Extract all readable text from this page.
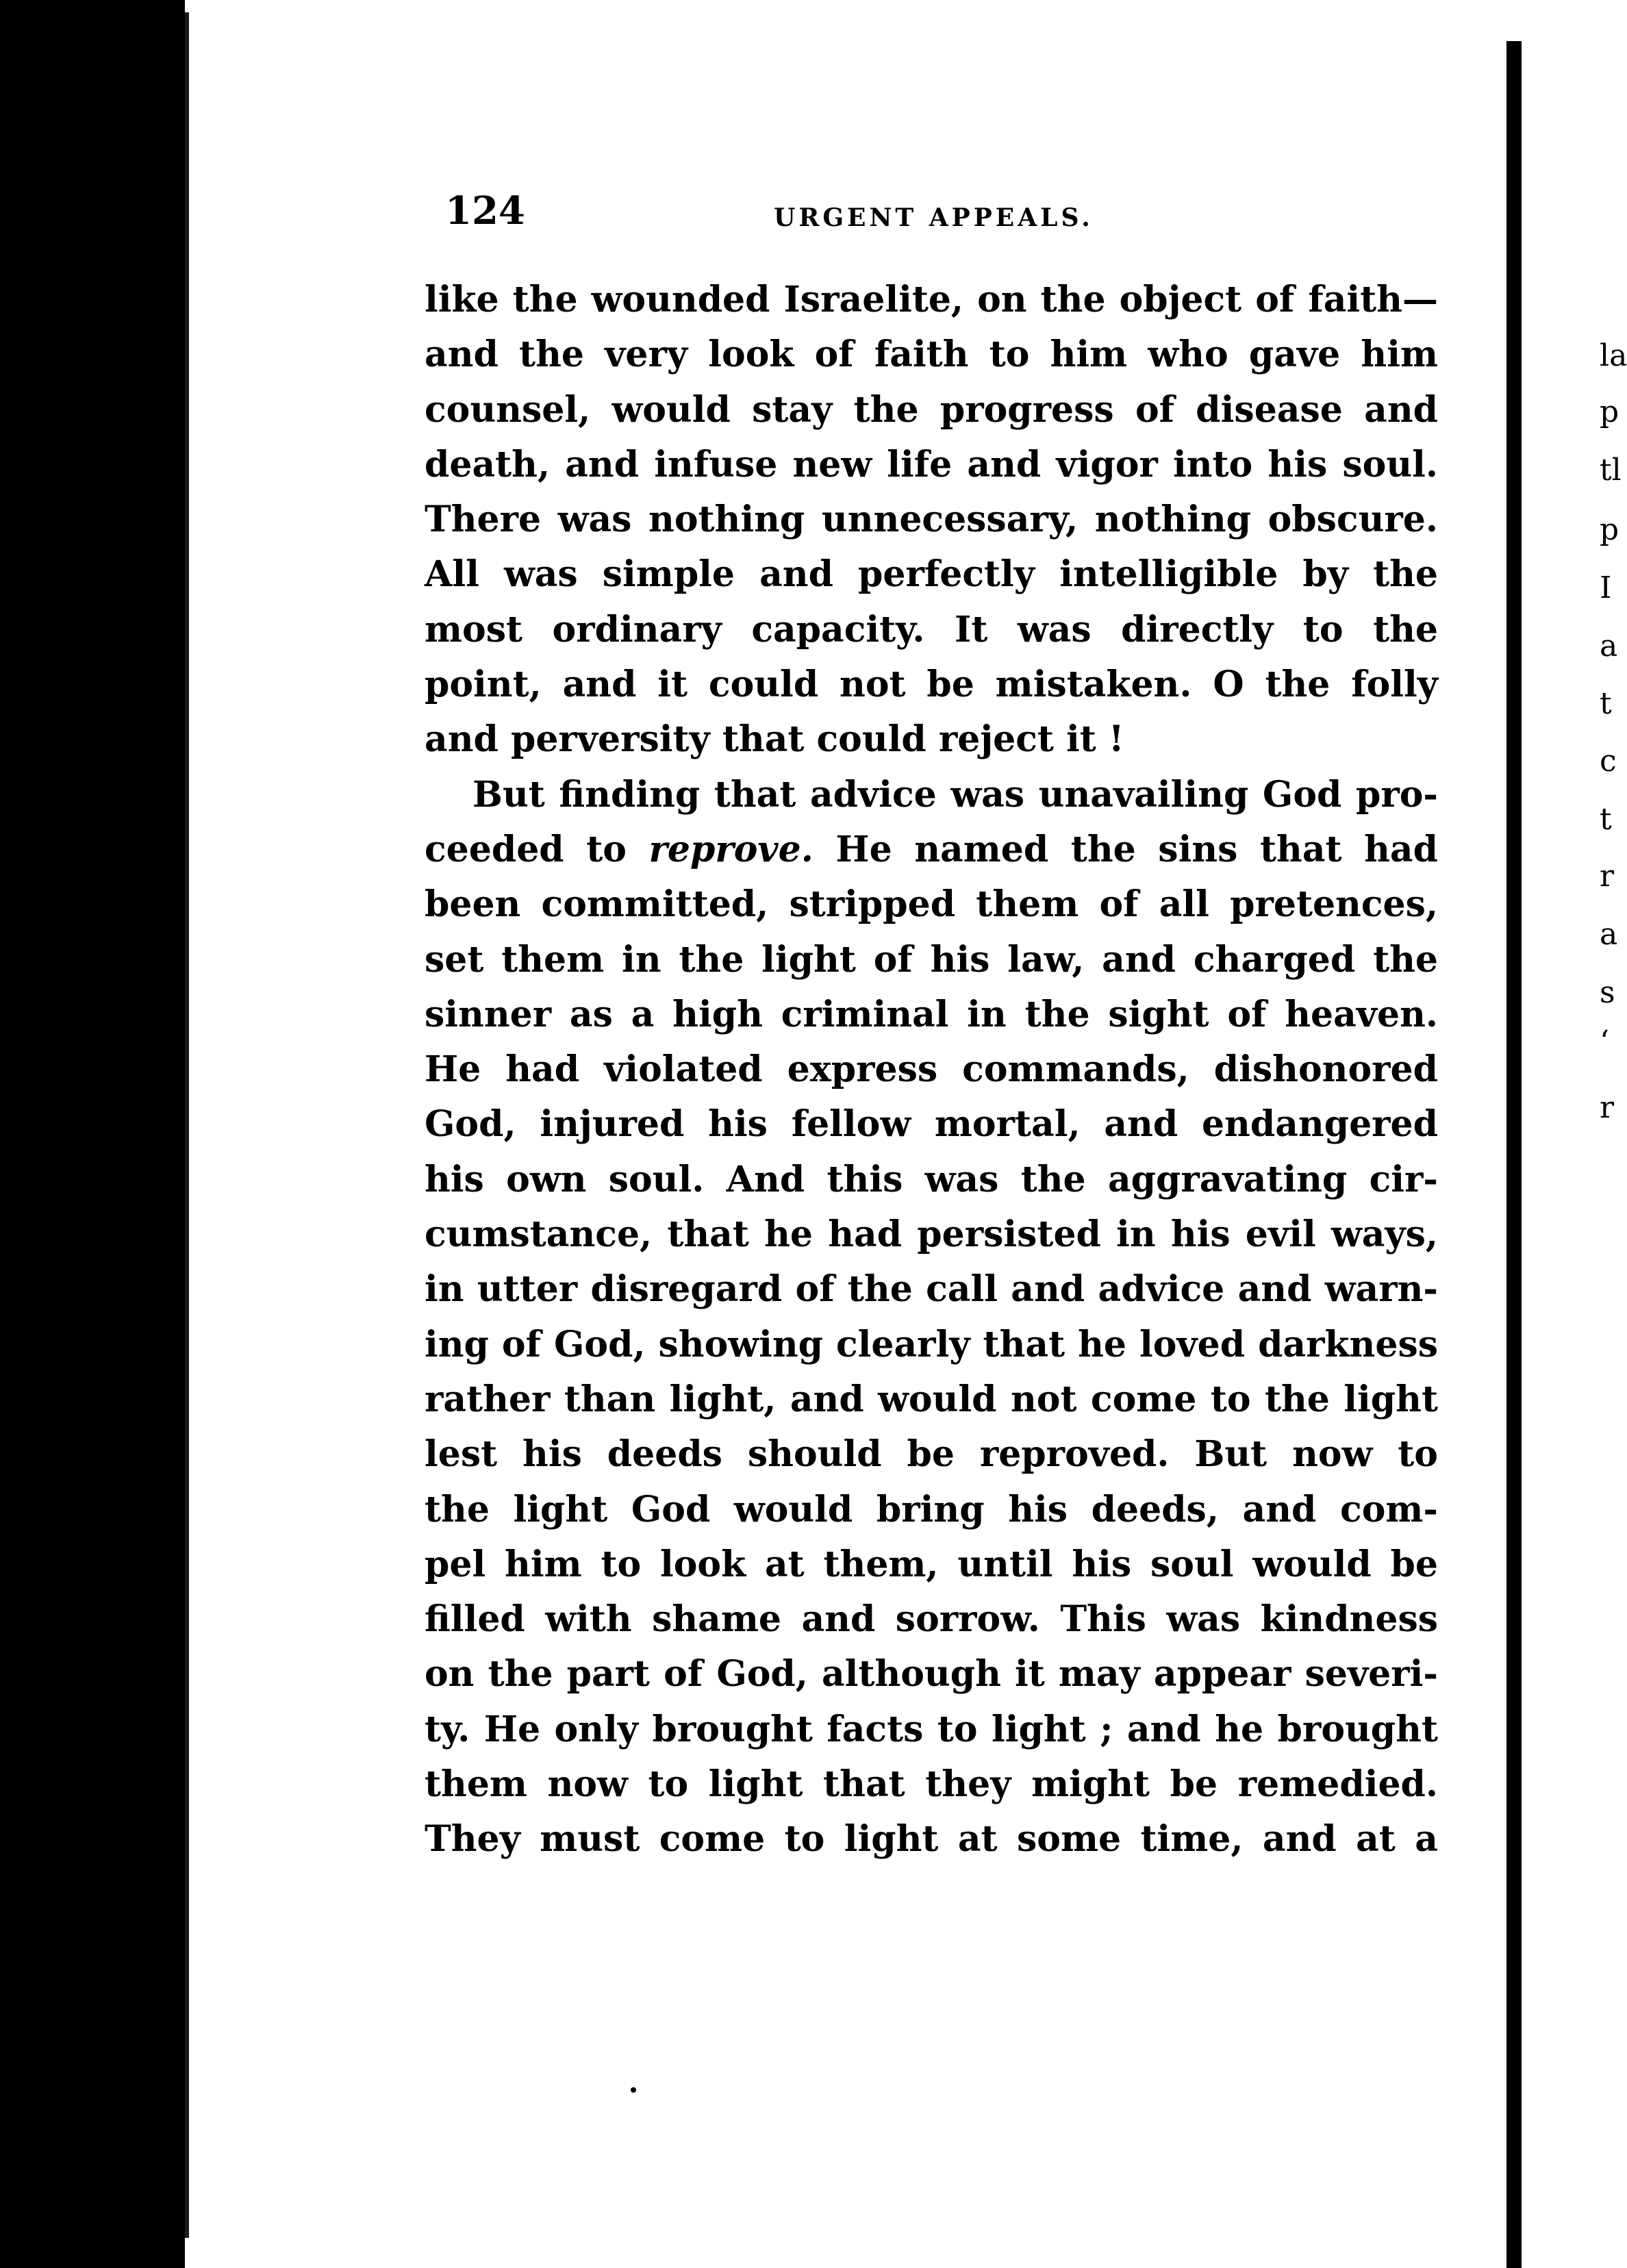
la
p
tl
p
I
a
t
c
t
r
a
s
‘
r
124	URGENT APPEALS.
like the wounded Israelite, on the object of faith—
and the very look of faith to him who gave him
counsel, would stay the progress of disease and
death, and infuse new life and vigor into his soul.
There was nothing unnecessary, nothing obscure.
All was simple and perfectly intelligible by the
most ordinary capacity. It was directly to the
point, and it could not be mistaken. O the folly
and perversity that could reject it !
But finding that advice was unavailing God pro-
ceeded to reprove. He named the sins that had
been committed, stripped them of all pretences,
set them in the light of his law, and charged the
sinner as a high criminal in the sight of heaven.
He had violated express commands, dishonored
God, injured his fellow mortal, and endangered
his own soul. And this was the aggravating cir-
cumstance, that he had persisted in his evil ways,
in utter disregard of the call and advice and warn-
ing of God, showing clearly that he loved darkness
rather than light, and would not come to the light
lest his deeds should be reproved. But now to
the light God would bring his deeds, and com-
pel him to look at them, until his soul would be
filled with shame and sorrow. This was kindness
on the part of God, although it may appear severi-
ty. He only brought facts to light ; and he brought
them now to light that they might be remedied.
They must come to light at some time, and at a
